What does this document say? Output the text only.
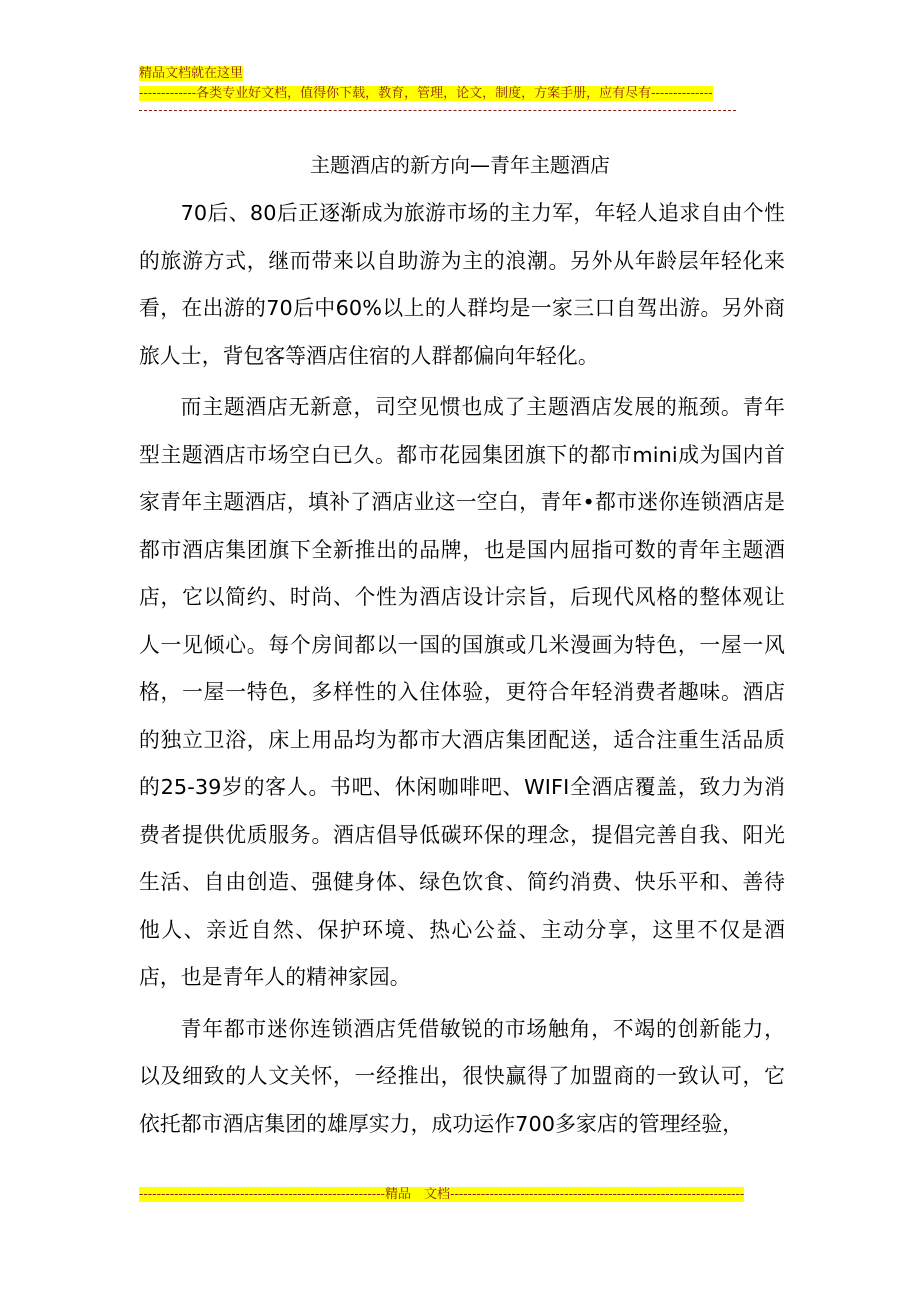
精品文档就在这里

-------------各类专业好文档，值得你下载，教育，管理，论文，制度，方案手册，应有尽有--------------

主题酒店的新方向—青年主题酒店

70后、80后正逐渐成为旅游市场的主力军，年轻人追求自由个性的旅游方式，继而带来以自助游为主的浪潮。另外从年龄层年轻化来看，在出游的70后中60%以上的人群均是一家三口自驾出游。另外商旅人士，背包客等酒店住宿的人群都偏向年轻化。

而主题酒店无新意，司空见惯也成了主题酒店发展的瓶颈。青年型主题酒店市场空白已久。都市花园集团旗下的都市mini成为国内首家青年主题酒店，填补了酒店业这一空白，青年•都市迷你连锁酒店是都市酒店集团旗下全新推出的品牌，也是国内屈指可数的青年主题酒店，它以简约、时尚、个性为酒店设计宗旨，后现代风格的整体观让人一见倾心。每个房间都以一国的国旗或几米漫画为特色，一屋一风格，一屋一特色，多样性的入住体验，更符合年轻消费者趣味。酒店的独立卫浴，床上用品均为都市大酒店集团配送，适合注重生活品质的25-39岁的客人。书吧、休闲咖啡吧、WIFI全酒店覆盖，致力为消费者提供优质服务。酒店倡导低碳环保的理念，提倡完善自我、阳光生活、自由创造、强健身体、绿色饮食、简约消费、快乐平和、善待他人、亲近自然、保护环境、热心公益、主动分享，这里不仅是酒店，也是青年人的精神家园。

青年都市迷你连锁酒店凭借敏锐的市场触角，不竭的创新能力，以及细致的人文关怀，一经推出，很快赢得了加盟商的一致认可，它依托都市酒店集团的雄厚实力，成功运作700多家店的管理经验，

--------------------------------------------------------精品　文档-------------------------------------------------------------------
